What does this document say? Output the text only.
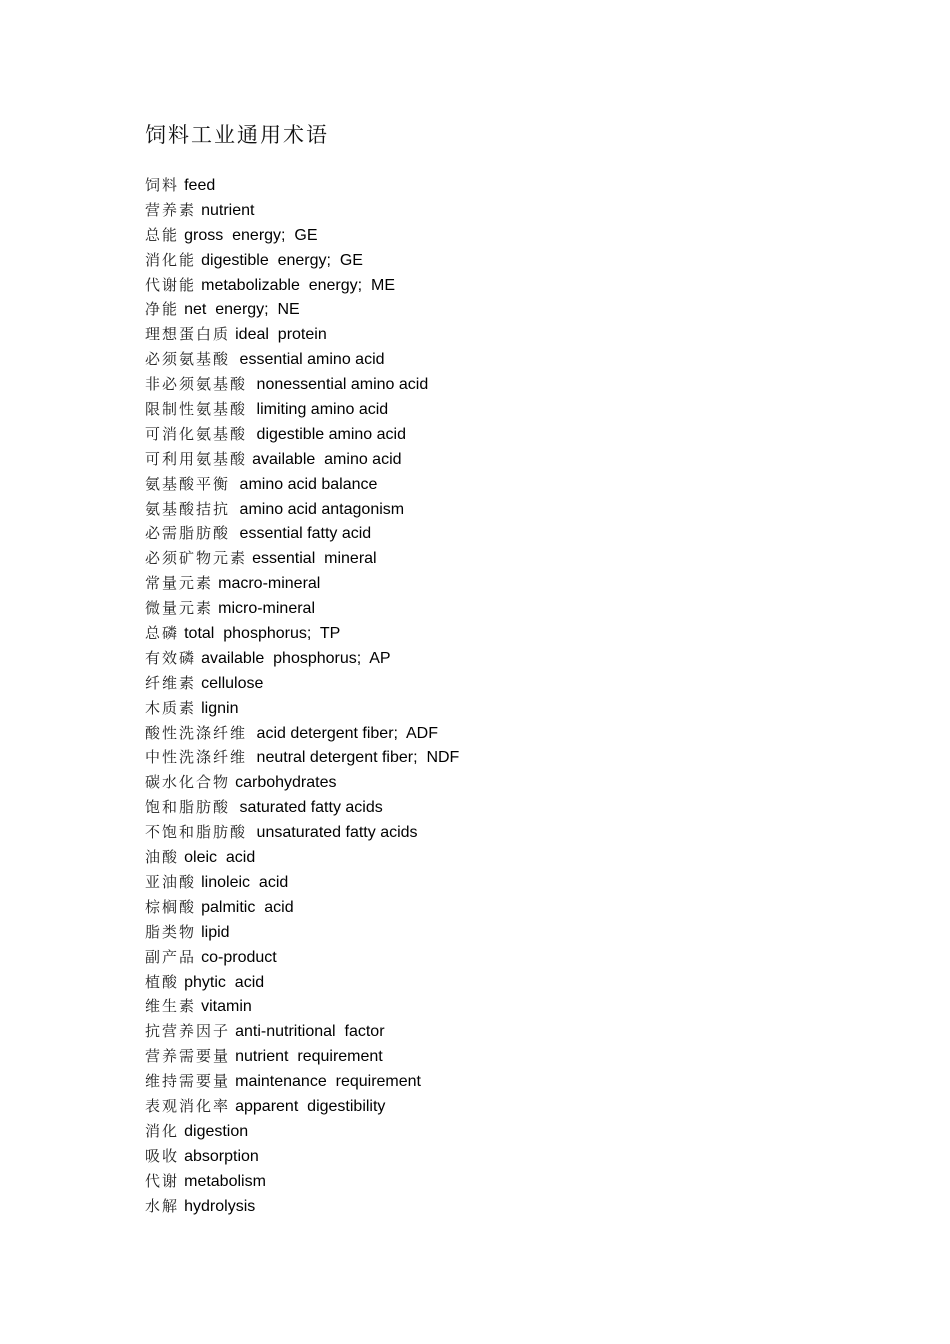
饲料工业通用术语
饲料 feed
营养素 nutrient
总能 gross  energy;  GE
消化能 digestible  energy;  GE
代谢能 metabolizable  energy;  ME
净能 net  energy;  NE
理想蛋白质 ideal  protein
必须氨基酸  essential amino acid
非必须氨基酸  nonessential amino acid
限制性氨基酸  limiting amino acid
可消化氨基酸  digestible amino acid
可利用氨基酸 available  amino acid
氨基酸平衡  amino acid balance
氨基酸拮抗  amino acid antagonism
必需脂肪酸  essential fatty acid
必须矿物元素 essential  mineral
常量元素 macro-mineral
微量元素 micro-mineral
总磷 total  phosphorus;  TP
有效磷 available  phosphorus;  AP
纤维素 cellulose
木质素 lignin
酸性洗涤纤维  acid detergent fiber;  ADF
中性洗涤纤维  neutral detergent fiber;  NDF
碳水化合物 carbohydrates
饱和脂肪酸  saturated fatty acids
不饱和脂肪酸  unsaturated fatty acids
油酸 oleic  acid
亚油酸 linoleic  acid
棕榈酸 palmitic  acid
脂类物 lipid
副产品 co-product
植酸 phytic  acid
维生素 vitamin
抗营养因子 anti-nutritional  factor
营养需要量 nutrient  requirement
维持需要量 maintenance  requirement
表观消化率 apparent  digestibility
消化 digestion
吸收 absorption
代谢 metabolism
水解 hydrolysis
